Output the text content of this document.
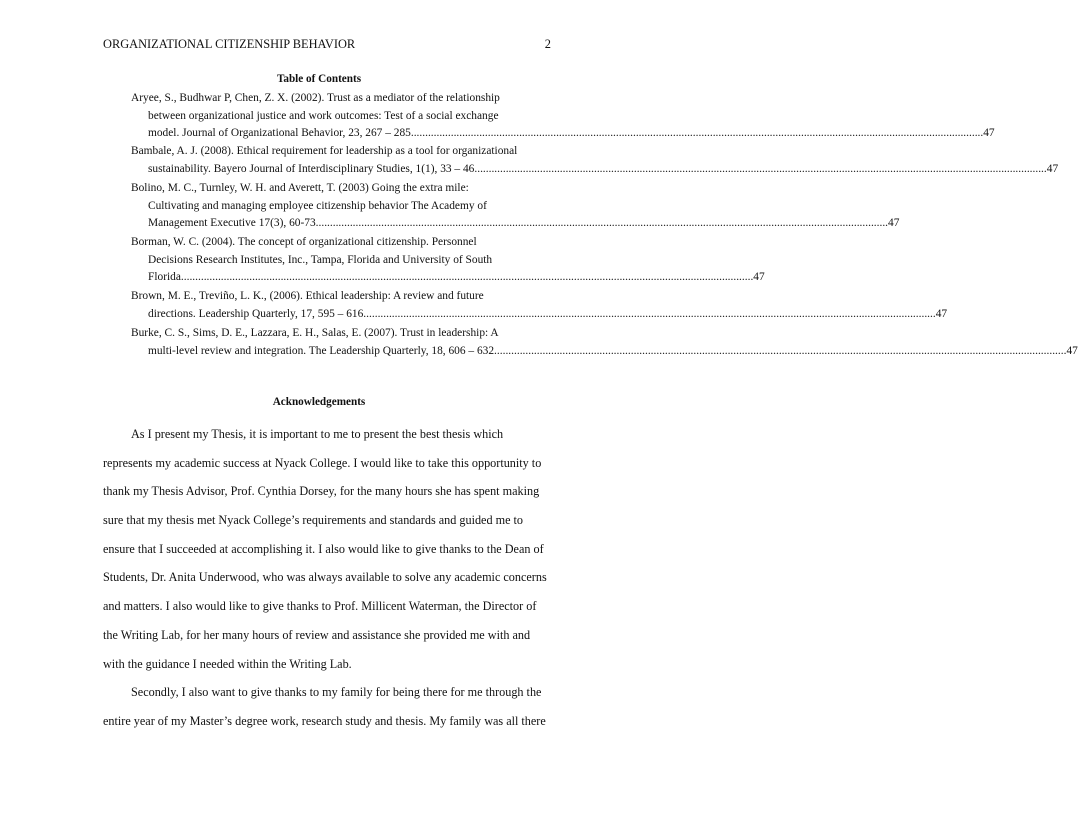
ORGANIZATIONAL CITIZENSHIP BEHAVIOR	2
Table of Contents
Aryee, S., Budhwar P, Chen, Z. X. (2002). Trust as a mediator of the relationship
between organizational justice and work outcomes: Test of a social exchange
model. Journal of Organizational Behavior, 23, 267 – 285. ........................................................................................................................................................................................................ 47
Bambale, A. J. (2008). Ethical requirement for leadership as a tool for organizational
sustainability. Bayero Journal of Interdisciplinary Studies, 1(1), 33 – 46. ........................................................................................................................................................................................................ 47
Bolino, M. C., Turnley, W. H. and Averett, T. (2003) Going the extra mile:
Cultivating and managing employee citizenship behavior The Academy of
Management Executive 17(3), 60-73. ........................................................................................................................................................................................................ 47
Borman, W. C. (2004). The concept of organizational citizenship. Personnel
Decisions Research Institutes, Inc., Tampa, Florida and University of South
Florida. ........................................................................................................................................................................................................ 47
Brown, M. E., Treviño, L. K., (2006). Ethical leadership: A review and future
directions. Leadership Quarterly, 17, 595 – 616. ........................................................................................................................................................................................................ 47
Burke, C. S., Sims, D. E., Lazzara, E. H., Salas, E. (2007). Trust in leadership: A
multi-level review and integration. The Leadership Quarterly, 18, 606 – 632. ........................................................................................................................................................................................................ 47
Acknowledgements
As I present my Thesis, it is important to me to present the best thesis which
represents my academic success at Nyack College. I would like to take this opportunity to
thank my Thesis Advisor, Prof. Cynthia Dorsey, for the many hours she has spent making
sure that my thesis met Nyack College’s requirements and standards and guided me to
ensure that I succeeded at accomplishing it. I also would like to give thanks to the Dean of
Students, Dr. Anita Underwood, who was always available to solve any academic concerns
and matters. I also would like to give thanks to Prof. Millicent Waterman, the Director of
the Writing Lab, for her many hours of review and assistance she provided me with and
with the guidance I needed within the Writing Lab.
Secondly, I also want to give thanks to my family for being there for me through the
entire year of my Master’s degree work, research study and thesis. My family was all there
